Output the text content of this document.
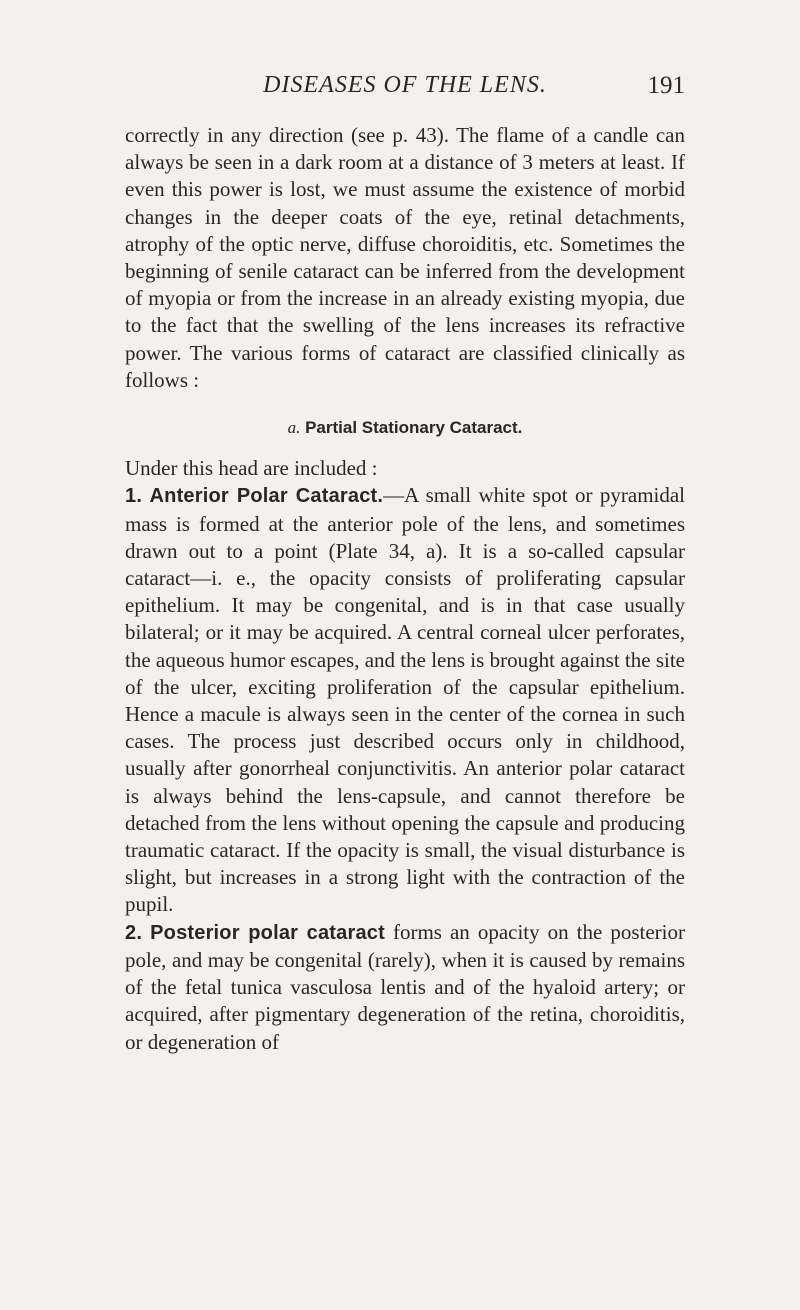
DISEASES OF THE LENS.	191

correctly in any direction (see p. 43). The flame of a candle can always be seen in a dark room at a distance of 3 meters at least. If even this power is lost, we must assume the existence of morbid changes in the deeper coats of the eye, retinal detachments, atrophy of the optic nerve, diffuse choroiditis, etc. Sometimes the beginning of senile cataract can be inferred from the development of myopia or from the increase in an already existing myopia, due to the fact that the swelling of the lens increases its refractive power. The various forms of cataract are classified clinically as follows :

a. Partial Stationary Cataract.

Under this head are included :

1. Anterior Polar Cataract.—A small white spot or pyramidal mass is formed at the anterior pole of the lens, and sometimes drawn out to a point (Plate 34, a). It is a so-called capsular cataract—i. e., the opacity consists of proliferating capsular epithelium. It may be congenital, and is in that case usually bilateral; or it may be acquired. A central corneal ulcer perforates, the aqueous humor escapes, and the lens is brought against the site of the ulcer, exciting proliferation of the capsular epithelium. Hence a macule is always seen in the center of the cornea in such cases. The process just described occurs only in childhood, usually after gonorrheal conjunctivitis. An anterior polar cataract is always behind the lens-capsule, and cannot therefore be detached from the lens without opening the capsule and producing traumatic cataract. If the opacity is small, the visual disturbance is slight, but increases in a strong light with the contraction of the pupil.

2. Posterior polar cataract forms an opacity on the posterior pole, and may be congenital (rarely), when it is caused by remains of the fetal tunica vasculosa lentis and of the hyaloid artery; or acquired, after pigmentary degeneration of the retina, choroiditis, or degeneration of
